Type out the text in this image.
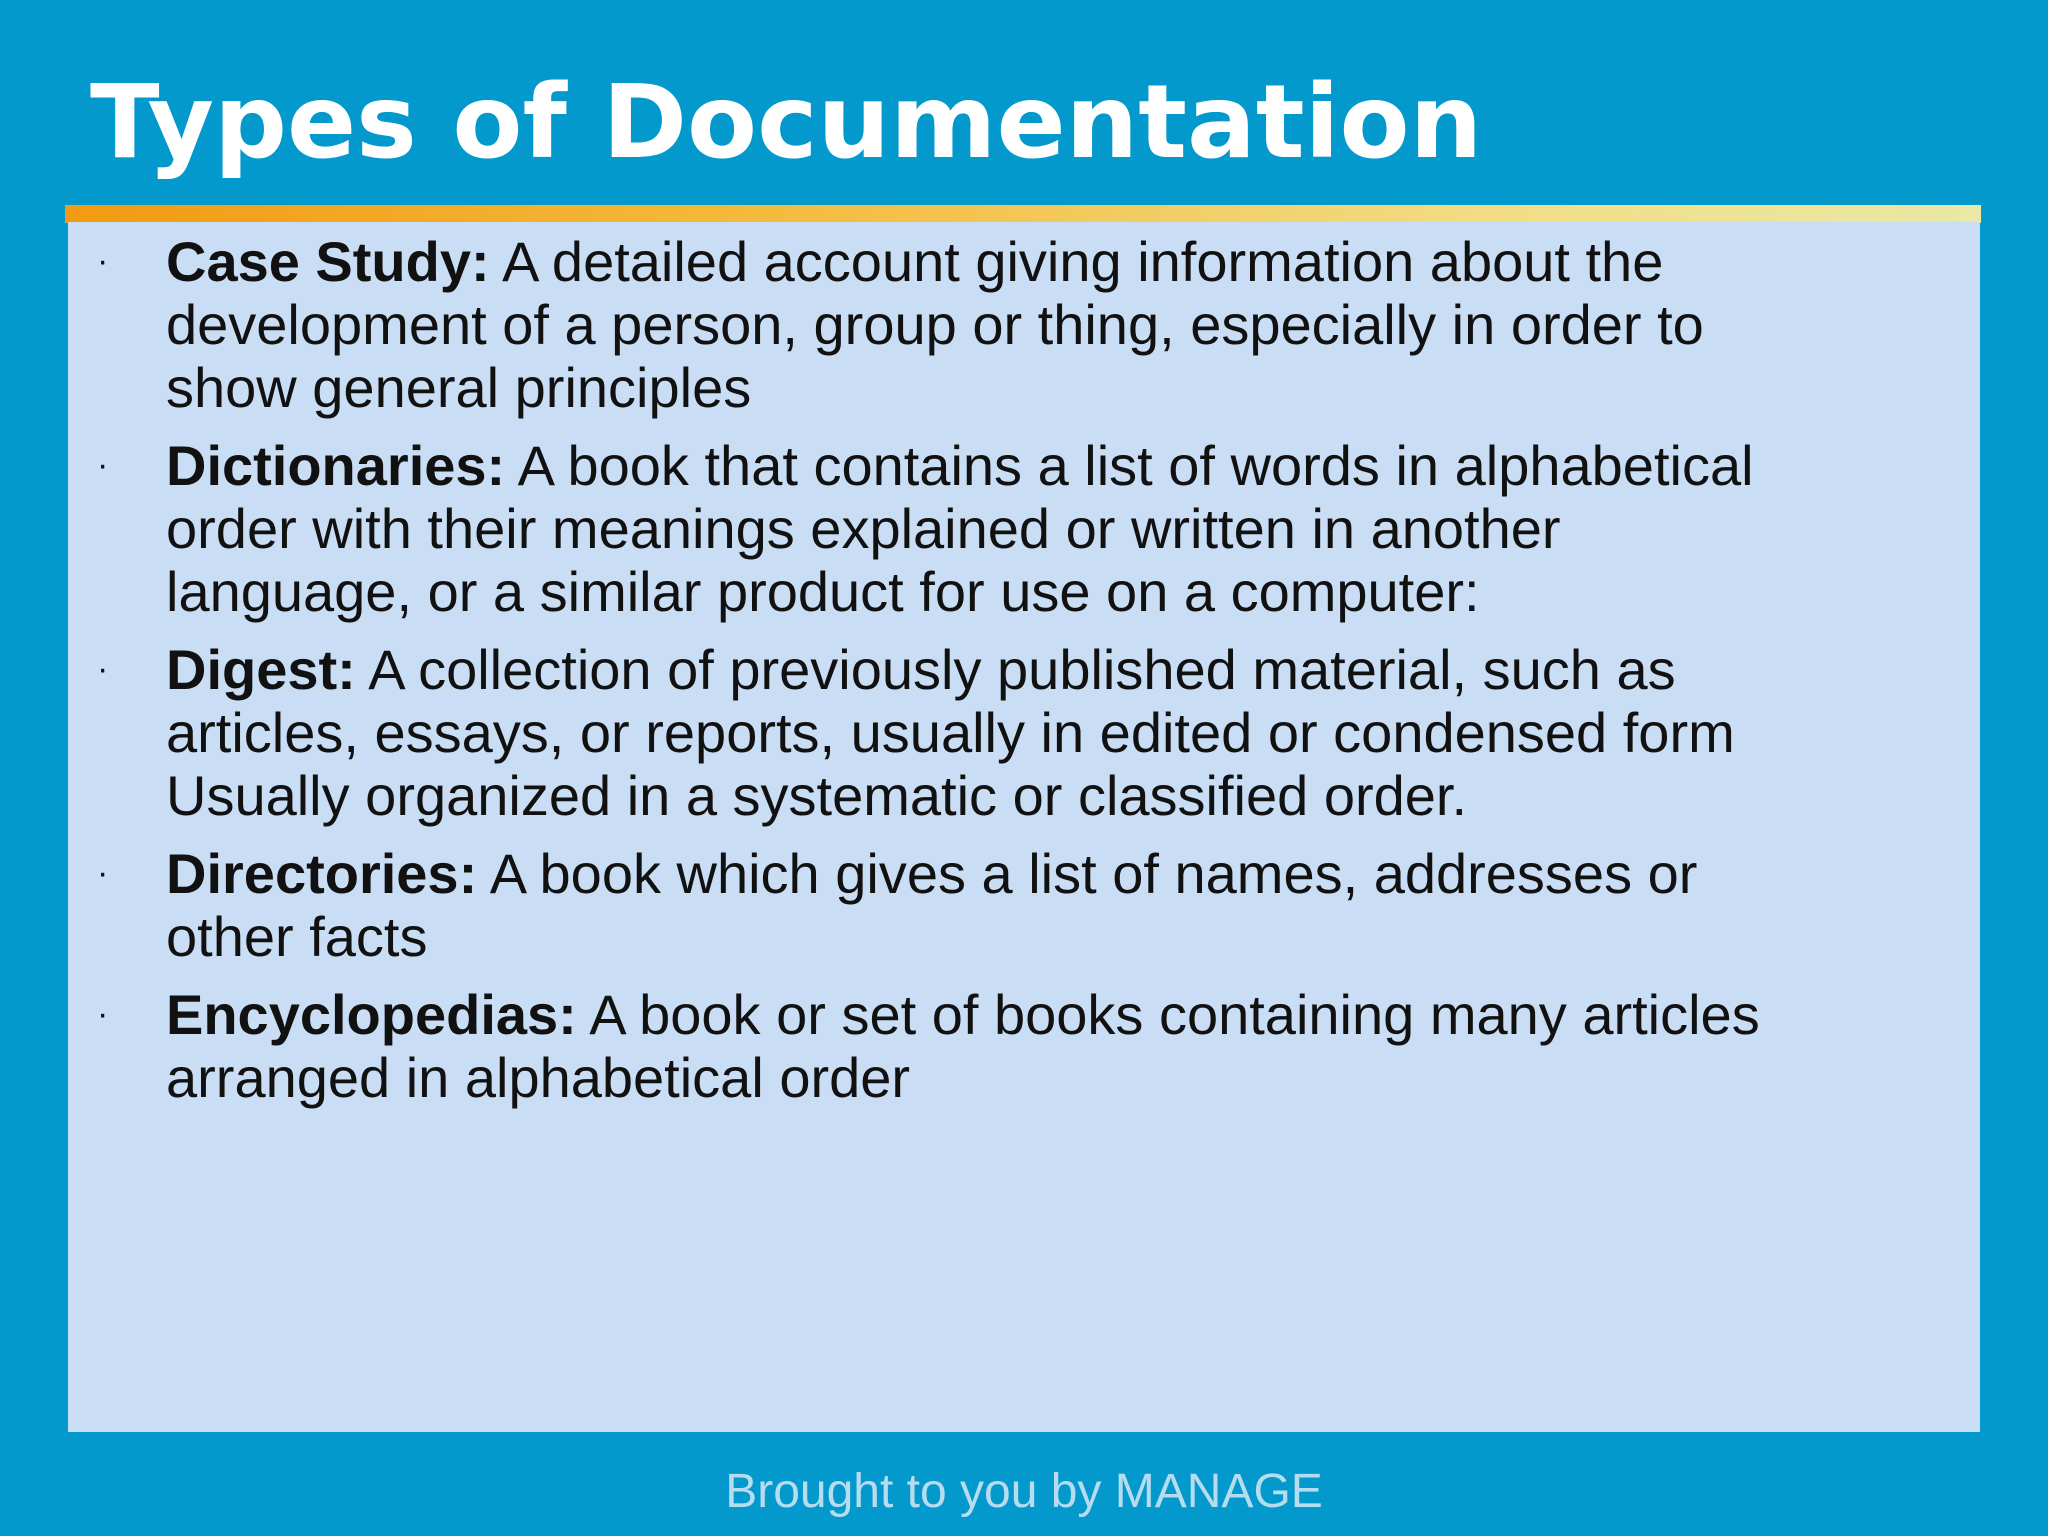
Types of Documentation
· Case Study: A detailed account giving information about the
development of a person, group or thing, especially in order to
show general principles
· Dictionaries: A book that contains a list of words in alphabetical
order with their meanings explained or written in another
language, or a similar product for use on a computer:
· Digest: A collection of previously published material, such as
articles, essays, or reports, usually in edited or condensed form
Usually organized in a systematic or classified order.
· Directories: A book which gives a list of names, addresses or
other facts
· Encyclopedias: A book or set of books containing many articles
arranged in alphabetical order
Brought to you by MANAGE
